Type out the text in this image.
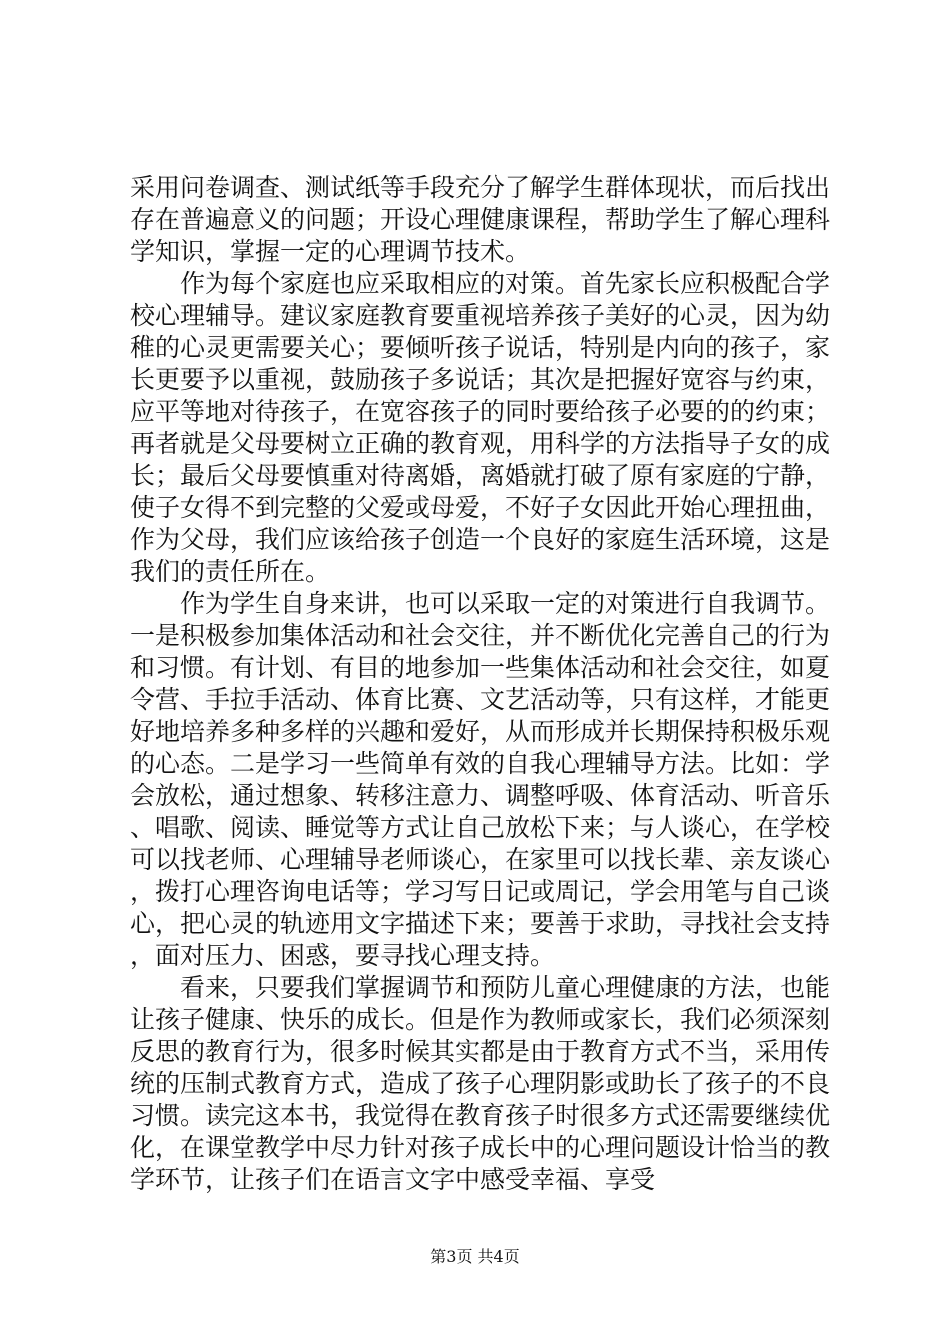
采用问卷调查、测试纸等手段充分了解学生群体现状，而后找出存在普遍意义的问题；开设心理健康课程，帮助学生了解心理科学知识，掌握一定的心理调节技术。

作为每个家庭也应采取相应的对策。首先家长应积极配合学校心理辅导。建议家庭教育要重视培养孩子美好的心灵，因为幼稚的心灵更需要关心；要倾听孩子说话，特别是内向的孩子，家长更要予以重视，鼓励孩子多说话；其次是把握好宽容与约束，应平等地对待孩子，在宽容孩子的同时要给孩子必要的的约束；再者就是父母要树立正确的教育观，用科学的方法指导子女的成长；最后父母要慎重对待离婚，离婚就打破了原有家庭的宁静，使子女得不到完整的父爱或母爱，不好子女因此开始心理扭曲，作为父母，我们应该给孩子创造一个良好的家庭生活环境，这是我们的责任所在。

作为学生自身来讲，也可以采取一定的对策进行自我调节。一是积极参加集体活动和社会交往，并不断优化完善自己的行为和习惯。有计划、有目的地参加一些集体活动和社会交往，如夏令营、手拉手活动、体育比赛、文艺活动等，只有这样，才能更好地培养多种多样的兴趣和爱好，从而形成并长期保持积极乐观的心态。二是学习一些简单有效的自我心理辅导方法。比如：学会放松，通过想象、转移注意力、调整呼吸、体育活动、听音乐、唱歌、阅读、睡觉等方式让自己放松下来；与人谈心，在学校可以找老师、心理辅导老师谈心，在家里可以找长辈、亲友谈心，拨打心理咨询电话等；学习写日记或周记，学会用笔与自己谈心，把心灵的轨迹用文字描述下来；要善于求助，寻找社会支持，面对压力、困惑，要寻找心理支持。

看来，只要我们掌握调节和预防儿童心理健康的方法，也能让孩子健康、快乐的成长。但是作为教师或家长，我们必须深刻反思的教育行为，很多时候其实都是由于教育方式不当，采用传统的压制式教育方式，造成了孩子心理阴影或助长了孩子的不良习惯。读完这本书，我觉得在教育孩子时很多方式还需要继续优化，在课堂教学中尽力针对孩子成长中的心理问题设计恰当的教学环节，让孩子们在语言文字中感受幸福、享受

第3页 共4页
